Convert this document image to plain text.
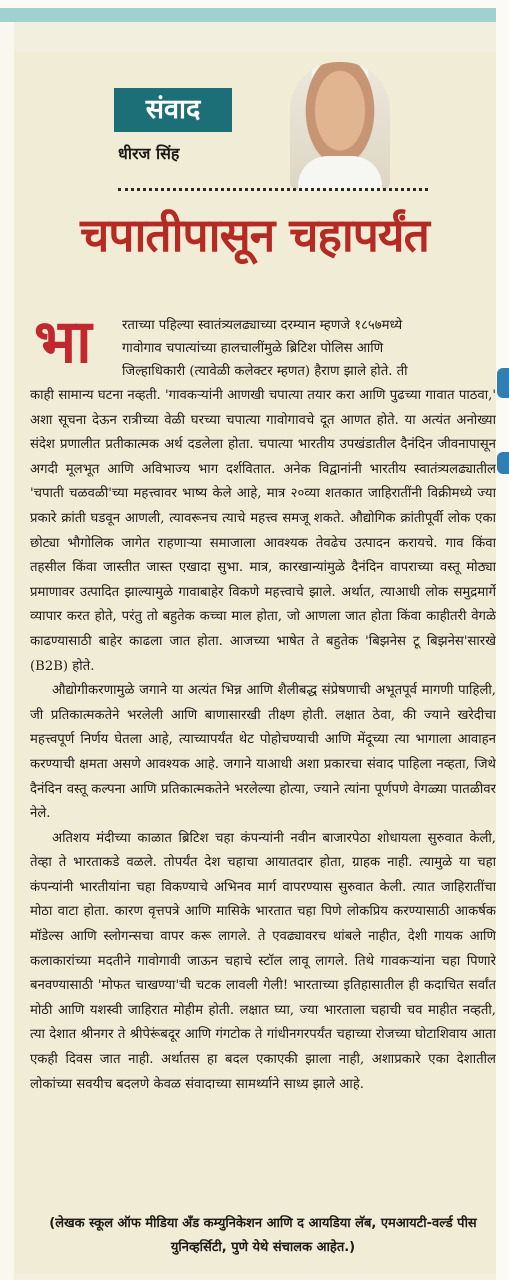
संवाद
धीरज सिंह
चपातीपासून चहापर्यंत
भा	रताच्या पहिल्या स्वातंत्र्यलढ्याच्या दरम्यान म्हणजे १८५७मध्ये
गावोगाव चपात्यांच्या हालचालींमुळे ब्रिटिश पोलिस आणि
जिल्हाधिकारी (त्यावेळी कलेक्टर म्हणत) हैराण झाले होते. ती

काही सामान्य घटना नव्हती. 'गावकऱ्यांनी आणखी चपात्या तयार करा आणि पुढच्या गावात पाठवा,' अशा सूचना देऊन रात्रीच्या वेळी घरच्या चपात्या गावोगावचे दूत आणत होते. या अत्यंत अनोख्या संदेश प्रणालीत प्रतीकात्मक अर्थ दडलेला होता. चपात्या भारतीय उपखंडातील दैनंदिन जीवनापासून अगदी मूलभूत आणि अविभाज्य भाग दर्शवितात. अनेक विद्वानांनी भारतीय स्वातंत्र्यलढ्यातील 'चपाती चळवळी'च्या महत्त्वावर भाष्य केले आहे, मात्र २०व्या शतकात जाहिरातींनी विक्रीमध्ये ज्या प्रकारे क्रांती घडवून आणली, त्यावरूनच त्याचे महत्त्व समजू शकते. औद्योगिक क्रांतीपूर्वी लोक एका छोट्या भौगोलिक जागेत राहणाऱ्या समाजाला आवश्यक तेवढेच उत्पादन करायचे. गाव किंवा तहसील किंवा जास्तीत जास्त एखादा सुभा. मात्र, कारखान्यांमुळे दैनंदिन वापराच्या वस्तू मोठ्या प्रमाणावर उत्पादित झाल्यामुळे गावाबाहेर विकणे महत्त्वाचे झाले. अर्थात, त्याआधी लोक समुद्रमार्गे व्यापार करत होते, परंतु तो बहुतेक कच्चा माल होता, जो आणला जात होता किंवा काहीतरी वेगळे काढण्यासाठी बाहेर काढला जात होता. आजच्या भाषेत ते बहुतेक 'बिझनेस टू बिझनेस'सारखे (B2B) होते.

औद्योगीकरणामुळे जगाने या अत्यंत भिन्न आणि शैलीबद्ध संप्रेषणाची अभूतपूर्व मागणी पाहिली, जी प्रतिकात्मकतेने भरलेली आणि बाणासारखी तीक्ष्ण होती. लक्षात ठेवा, की ज्याने खरेदीचा महत्त्वपूर्ण निर्णय घेतला आहे, त्याच्यापर्यंत थेट पोहोचण्याची आणि मेंदूच्या त्या भागाला आवाहन करण्याची क्षमता असणे आवश्यक आहे. जगाने याआधी अशा प्रकारचा संवाद पाहिला नव्हता, जिथे दैनंदिन वस्तू कल्पना आणि प्रतिकात्मकतेने भरलेल्या होत्या, ज्याने त्यांना पूर्णपणे वेगळ्या पातळीवर नेले.

अतिशय मंदीच्या काळात ब्रिटिश चहा कंपन्यांनी नवीन बाजारपेठा शोधायला सुरुवात केली, तेव्हा ते भारताकडे वळले. तोपर्यंत देश चहाचा आयातदार होता, ग्राहक नाही. त्यामुळे या चहा कंपन्यांनी भारतीयांना चहा विकण्याचे अभिनव मार्ग वापरण्यास सुरुवात केली. त्यात जाहिरातींचा मोठा वाटा होता. कारण वृत्तपत्रे आणि मासिके भारतात चहा पिणे लोकप्रिय करण्यासाठी आकर्षक मॉडेल्स आणि स्लोगन्सचा वापर करू लागले. ते एवढ्यावरच थांबले नाहीत, देशी गायक आणि कलाकारांच्या मदतीने गावोगावी जाऊन चहाचे स्टॉल लावू लागले. तिथे गावकऱ्यांना चहा पिणारे बनवण्यासाठी 'मोफत चाखण्या'ची चटक लावली गेली! भारताच्या इतिहासातील ही कदाचित सर्वांत मोठी आणि यशस्वी जाहिरात मोहीम होती. लक्षात घ्या, ज्या भारताला चहाची चव माहीत नव्हती, त्या देशात श्रीनगर ते श्रीपेरूंबदूर आणि गंगटोक ते गांधीनगरपर्यंत चहाच्या रोजच्या घोटाशिवाय आता एकही दिवस जात नाही. अर्थातस हा बदल एकाएकी झाला नाही, अशाप्रकारे एका देशातील लोकांच्या सवयीच बदलणे केवळ संवादाच्या सामर्थ्याने साध्य झाले आहे.

(लेखक स्कूल ऑफ मीडिया अँड कम्युनिकेशन आणि द आयडिया लॅब, एमआयटी-वर्ल्ड पीस युनिव्हर्सिटी, पुणे येथे संचालक आहेत.)
